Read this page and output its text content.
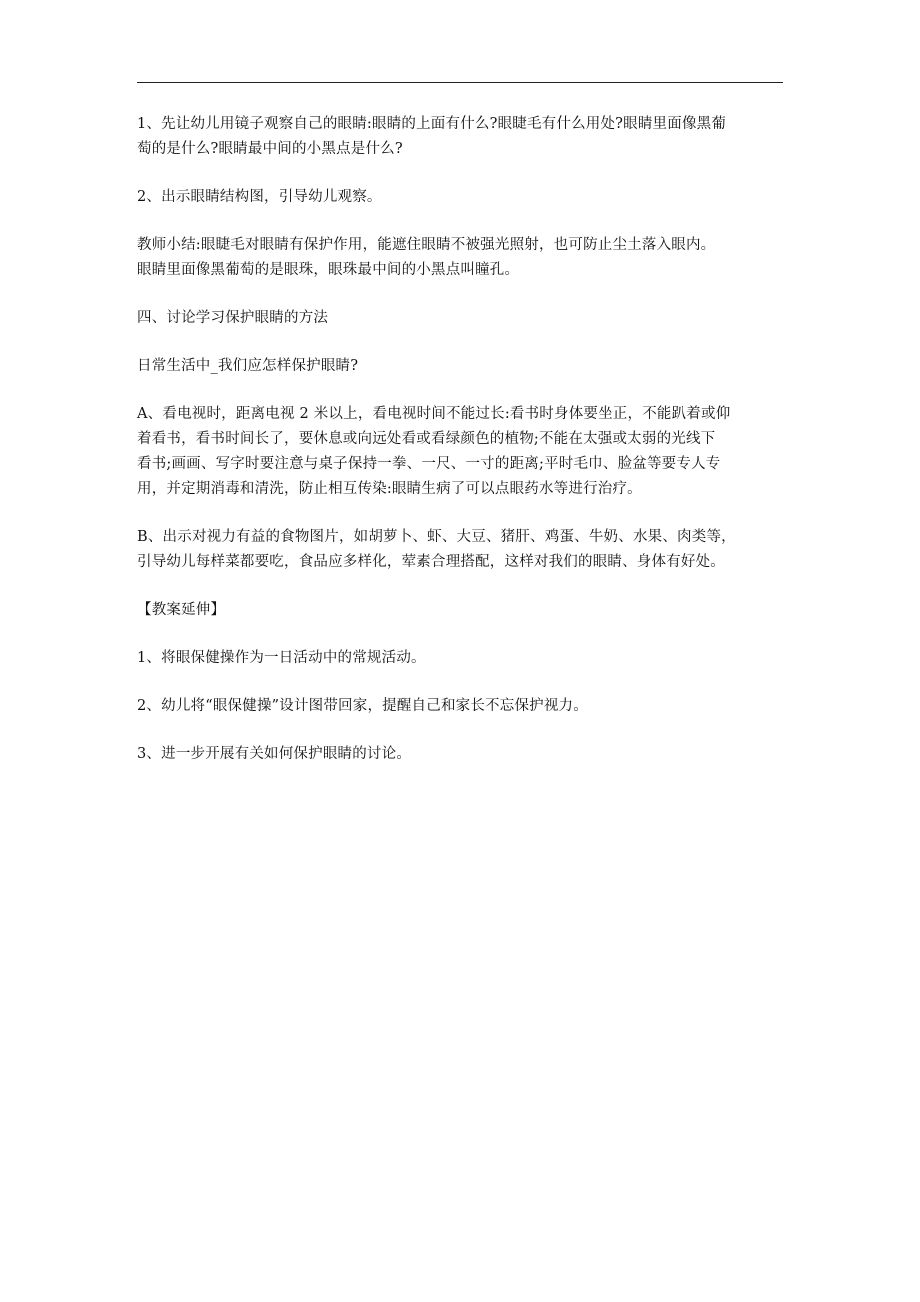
1、先让幼儿用镜子观察自己的眼睛:眼睛的上面有什么?眼睫毛有什么用处?眼睛里面像黑葡
萄的是什么?眼睛最中间的小黑点是什么?

2、出示眼睛结构图，引导幼儿观察。

教师小结:眼睫毛对眼睛有保护作用，能遮住眼睛不被强光照射，也可防止尘土落入眼内。
眼睛里面像黑葡萄的是眼珠，眼珠最中间的小黑点叫瞳孔。

四、讨论学习保护眼睛的方法

日常生活中_我们应怎样保护眼睛?

A、看电视时，距离电视 2 米以上，看电视时间不能过长:看书时身体要坐正，不能趴着或仰
着看书，看书时间长了，要休息或向远处看或看绿颜色的植物;不能在太强或太弱的光线下
看书;画画、写字时要注意与桌子保持一拳、一尺、一寸的距离;平时毛巾、脸盆等要专人专
用，并定期消毒和清洗，防止相互传染:眼睛生病了可以点眼药水等进行治疗。

B、出示对视力有益的食物图片，如胡萝卜、虾、大豆、猪肝、鸡蛋、牛奶、水果、肉类等，
引导幼儿每样菜都要吃，食品应多样化，荤素合理搭配，这样对我们的眼睛、身体有好处。

【教案延伸】

1、将眼保健操作为一日活动中的常规活动。

2、幼儿将“眼保健操”设计图带回家，提醒自己和家长不忘保护视力。

3、进一步开展有关如何保护眼睛的讨论。
